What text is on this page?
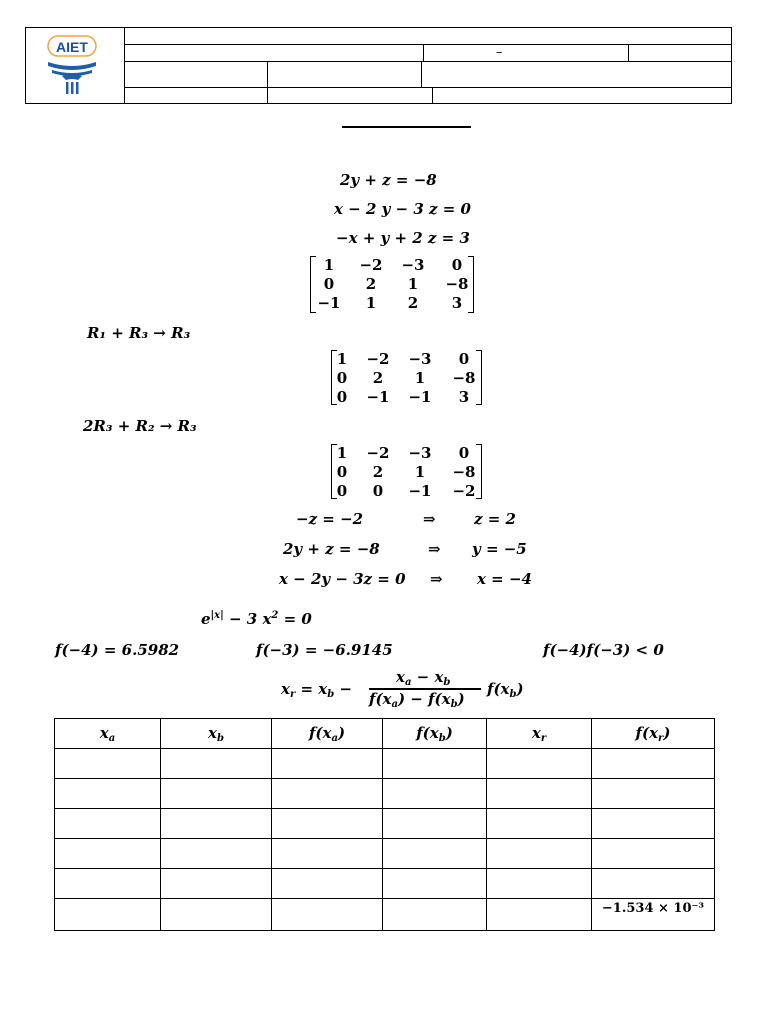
AIET	–
2y + z = −8
x − 2 y − 3 z = 0
−x + y + 2 z = 3
1	−2 −3	0
0	2	1	−8
−1	1	2	3
R₁ + R₃ → R₃
1	−2 −3	0
0	2	1	−8
0	−1 −1	3
2R₃ + R₂ → R₃
1	−2 −3	0
0	2	1	−8
0	0	−1 −2
−z = −2	⇒	z = 2
2y + z = −8	⇒ y = −5
x − 2y − 3z = 0 ⇒ x = −4
$e^{|x|} - 3$ $x^2 = 0$
f(−4) = 6.5982	f(−3) = −6.9145	f(−4)f(−3) < 0
$x_r = x_b$ −
$x_a - x_b$
$f(x_a) - f(x_b)$
$f(x_b)$
$x_a$	$x_b$	$f(x_a)$	$f(x_b)$	$x_r$	$f(x_r)$

					−1.534 × 10⁻³
